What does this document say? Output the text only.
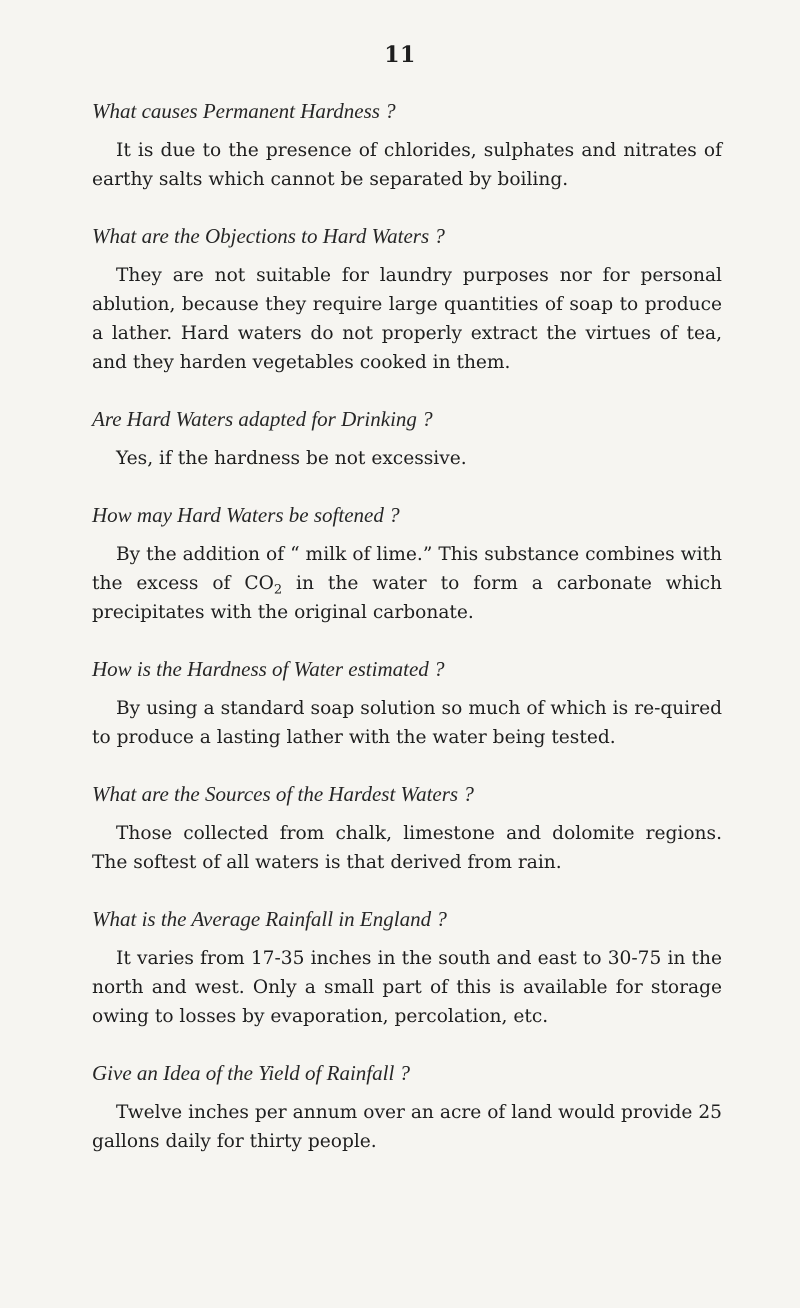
11

What causes Permanent Hardness ?

It is due to the presence of chlorides, sulphates and nitrates of earthy salts which cannot be separated by boiling.

What are the Objections to Hard Waters ?

They are not suitable for laundry purposes nor for personal ablution, because they require large quantities of soap to produce a lather. Hard waters do not properly extract the virtues of tea, and they harden vegetables cooked in them.

Are Hard Waters adapted for Drinking ?

Yes, if the hardness be not excessive.

How may Hard Waters be softened ?

By the addition of “ milk of lime.” This substance combines with the excess of $CO_2$ in the water to form a carbonate which precipitates with the original carbonate.

How is the Hardness of Water estimated ?

By using a standard soap solution so much of which is re-quired to produce a lasting lather with the water being tested.

What are the Sources of the Hardest Waters ?

Those collected from chalk, limestone and dolomite regions. The softest of all waters is that derived from rain.

What is the Average Rainfall in England ?

It varies from 17-35 inches in the south and east to 30-75 in the north and west. Only a small part of this is available for storage owing to losses by evaporation, percolation, etc.

Give an Idea of the Yield of Rainfall ?

Twelve inches per annum over an acre of land would provide 25 gallons daily for thirty people.
